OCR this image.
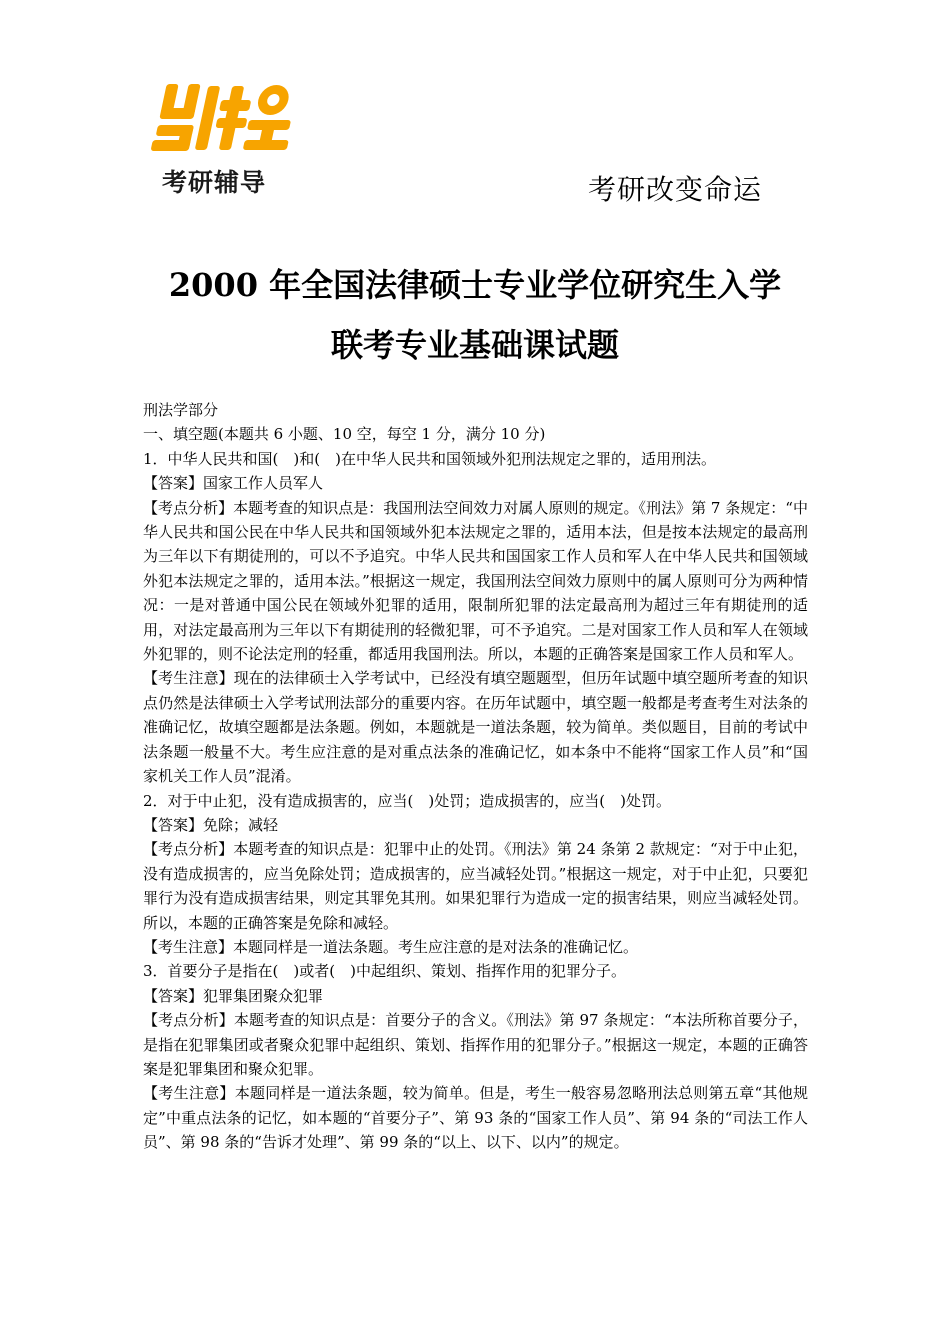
考研辅导	考研改变命运
2000 年全国法律硕士专业学位研究生入学
联考专业基础课试题

刑法学部分

一、填空题(本题共 6 小题、10 空，每空 1 分，满分 10 分)

1．中华人民共和国(　)和(　)在中华人民共和国领域外犯刑法规定之罪的，适用刑法。

【答案】国家工作人员军人

【考点分析】本题考查的知识点是：我国刑法空间效力对属人原则的规定。《刑法》第 7 条规定：“中华人民共和国公民在中华人民共和国领域外犯本法规定之罪的，适用本法，但是按本法规定的最高刑为三年以下有期徒刑的，可以不予追究。中华人民共和国国家工作人员和军人在中华人民共和国领域外犯本法规定之罪的，适用本法。”根据这一规定，我国刑法空间效力原则中的属人原则可分为两种情况：一是对普通中国公民在领域外犯罪的适用，限制所犯罪的法定最高刑为超过三年有期徒刑的适用，对法定最高刑为三年以下有期徒刑的轻微犯罪，可不予追究。二是对国家工作人员和军人在领域外犯罪的，则不论法定刑的轻重，都适用我国刑法。所以，本题的正确答案是国家工作人员和军人。

【考生注意】现在的法律硕士入学考试中，已经没有填空题题型，但历年试题中填空题所考查的知识点仍然是法律硕士入学考试刑法部分的重要内容。在历年试题中，填空题一般都是考查考生对法条的准确记忆，故填空题都是法条题。例如，本题就是一道法条题，较为简单。类似题目，目前的考试中法条题一般量不大。考生应注意的是对重点法条的准确记忆，如本条中不能将“国家工作人员”和“国家机关工作人员”混淆。

2．对于中止犯，没有造成损害的，应当(　)处罚；造成损害的，应当(　)处罚。

【答案】免除；减轻

【考点分析】本题考查的知识点是：犯罪中止的处罚。《刑法》第 24 条第 2 款规定：“对于中止犯，没有造成损害的，应当免除处罚；造成损害的，应当减轻处罚。”根据这一规定，对于中止犯，只要犯罪行为没有造成损害结果，则定其罪免其刑。如果犯罪行为造成一定的损害结果，则应当减轻处罚。所以，本题的正确答案是免除和减轻。

【考生注意】本题同样是一道法条题。考生应注意的是对法条的准确记忆。

3．首要分子是指在(　)或者(　)中起组织、策划、指挥作用的犯罪分子。

【答案】犯罪集团聚众犯罪

【考点分析】本题考查的知识点是：首要分子的含义。《刑法》第 97 条规定：“本法所称首要分子，是指在犯罪集团或者聚众犯罪中起组织、策划、指挥作用的犯罪分子。”根据这一规定，本题的正确答案是犯罪集团和聚众犯罪。

【考生注意】本题同样是一道法条题，较为简单。但是，考生一般容易忽略刑法总则第五章“其他规定”中重点法条的记忆，如本题的“首要分子”、第 93 条的“国家工作人员”、第 94 条的“司法工作人员”、第 98 条的“告诉才处理”、第 99 条的“以上、以下、以内”的规定。
